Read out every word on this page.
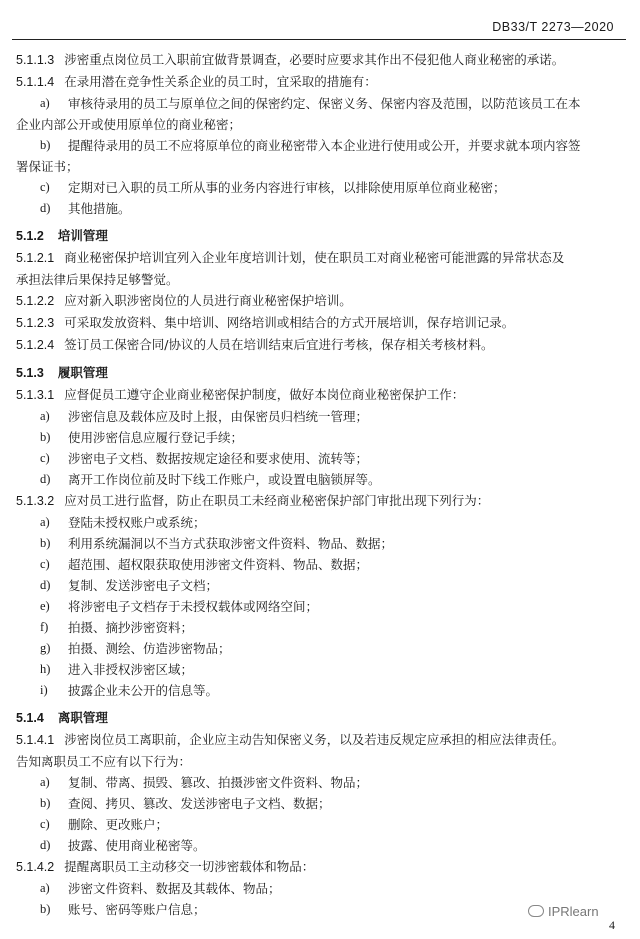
DB33/T 2273—2020
5.1.1.3 涉密重点岗位员工入职前宜做背景调查，必要时应要求其作出不侵犯他人商业秘密的承诺。
5.1.1.4 在录用潜在竞争性关系企业的员工时，宜采取的措施有：
a) 审核待录用的员工与原单位之间的保密约定、保密义务、保密内容及范围，以防范该员工在本
企业内部公开或使用原单位的商业秘密；
b) 提醒待录用的员工不应将原单位的商业秘密带入本企业进行使用或公开，并要求就本项内容签
署保证书；
c) 定期对已入职的员工所从事的业务内容进行审核，以排除使用原单位商业秘密；
d) 其他措施。
5.1.2 培训管理
5.1.2.1 商业秘密保护培训宜列入企业年度培训计划，使在职员工对商业秘密可能泄露的异常状态及
承担法律后果保持足够警觉。
5.1.2.2 应对新入职涉密岗位的人员进行商业秘密保护培训。
5.1.2.3 可采取发放资料、集中培训、网络培训或相结合的方式开展培训，保存培训记录。
5.1.2.4 签订员工保密合同/协议的人员在培训结束后宜进行考核，保存相关考核材料。
5.1.3 履职管理
5.1.3.1 应督促员工遵守企业商业秘密保护制度，做好本岗位商业秘密保护工作：
a) 涉密信息及载体应及时上报，由保密员归档统一管理；
b) 使用涉密信息应履行登记手续；
c) 涉密电子文档、数据按规定途径和要求使用、流转等；
d) 离开工作岗位前及时下线工作账户，或设置电脑锁屏等。
5.1.3.2 应对员工进行监督，防止在职员工未经商业秘密保护部门审批出现下列行为：
a) 登陆未授权账户或系统；
b) 利用系统漏洞以不当方式获取涉密文件资料、物品、数据；
c) 超范围、超权限获取使用涉密文件资料、物品、数据；
d) 复制、发送涉密电子文档；
e) 将涉密电子文档存于未授权载体或网络空间；
f) 拍摄、摘抄涉密资料；
g) 拍摄、测绘、仿造涉密物品；
h) 进入非授权涉密区域；
i) 披露企业未公开的信息等。
5.1.4 离职管理
5.1.4.1 涉密岗位员工离职前，企业应主动告知保密义务，以及若违反规定应承担的相应法律责任。
告知离职员工不应有以下行为：
a) 复制、带离、损毁、篡改、拍摄涉密文件资料、物品；
b) 查阅、拷贝、篡改、发送涉密电子文档、数据；
c) 删除、更改账户；
d) 披露、使用商业秘密等。
5.1.4.2 提醒离职员工主动移交一切涉密载体和物品：
a) 涉密文件资料、数据及其载体、物品；
b) 账号、密码等账户信息；	IPRlearn
4
